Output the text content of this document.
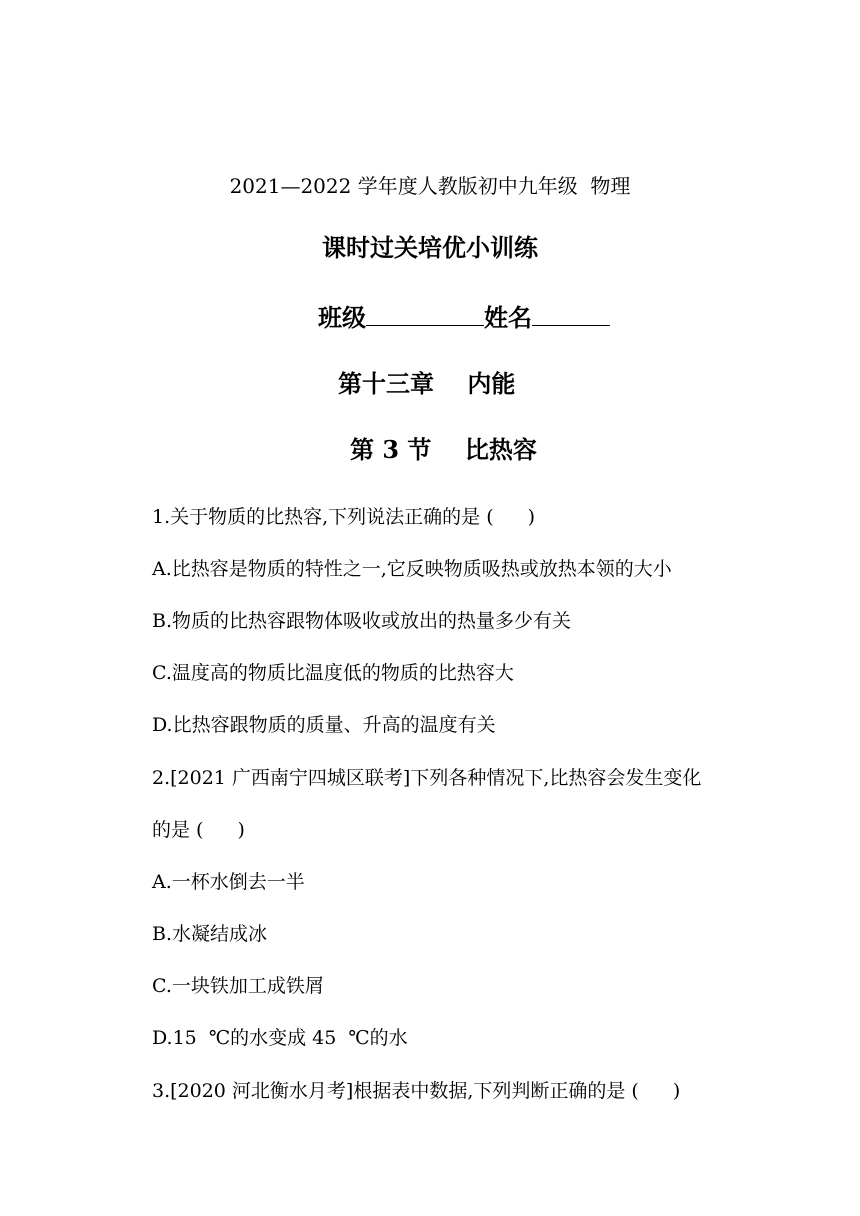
2021—2022 学年度人教版初中九年级  物理
课时过关培优小训练
班级	姓名
第十三章    内能
第 3 节    比热容
1.关于物质的比热容,下列说法正确的是 ( )
A.比热容是物质的特性之一,它反映物质吸热或放热本领的大小
B.物质的比热容跟物体吸收或放出的热量多少有关
C.温度高的物质比温度低的物质的比热容大
D.比热容跟物质的质量、升高的温度有关
2.[2021 广西南宁四城区联考]下列各种情况下,比热容会发生变化
的是 ( )
A.一杯水倒去一半
B.水凝结成冰
C.一块铁加工成铁屑
D.15  ℃的水变成 45  ℃的水
3.[2020 河北衡水月考]根据表中数据,下列判断正确的是 ( )
